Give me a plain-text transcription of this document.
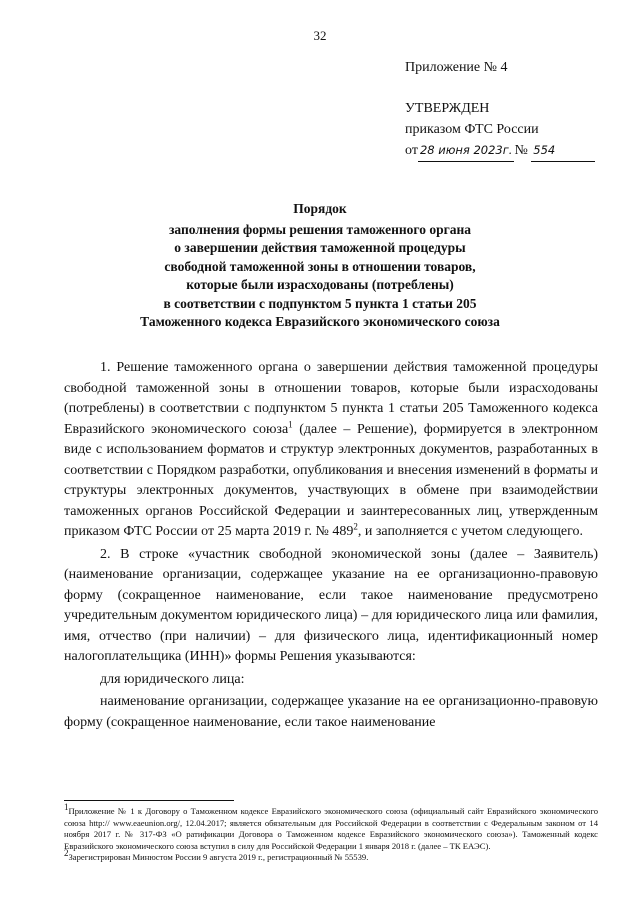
32
Приложение № 4
УТВЕРЖДЕН
приказом ФТС России
от 28 июня 2023г. № 554
Порядок
заполнения формы решения таможенного органа
о завершении действия таможенной процедуры
свободной таможенной зоны в отношении товаров,
которые были израсходованы (потреблены)
в соответствии с подпунктом 5 пункта 1 статьи 205
Таможенного кодекса Евразийского экономического союза

1. Решение таможенного органа о завершении действия таможенной процедуры свободной таможенной зоны в отношении товаров, которые были израсходованы (потреблены) в соответствии с подпунктом 5 пункта 1 статьи 205 Таможенного кодекса Евразийского экономического союза$^1$ (далее – Решение), формируется в электронном виде с использованием форматов и структур электронных документов, разработанных в соответствии с Порядком разработки, опубликования и внесения изменений в форматы и структуры электронных документов, участвующих в обмене при взаимодействии таможенных органов Российской Федерации и заинтересованных лиц, утвержденным приказом ФТС России от 25 марта 2019 г. № $489^2$, и заполняется с учетом следующего.

2. В строке «участник свободной экономической зоны (далее – Заявитель) (наименование организации, содержащее указание на ее организационно-правовую форму (сокращенное наименование, если такое наименование предусмотрено учредительным документом юридического лица) – для юридического лица или фамилия, имя, отчество (при наличии) – для физического лица, идентификационный номер налогоплательщика (ИНН)» формы Решения указываются:

для юридического лица:

наименование организации, содержащее указание на ее организационно-правовую форму (сокращенное наименование, если такое наименование

$^1$Приложение № 1 к Договору о Таможенном кодексе Евразийского экономического союза (официальный сайт Евразийского экономического союза http:// www.eaeunion.org/, 12.04.2017; является обязательным для Российской Федерации в соответствии с Федеральным законом от 14 ноября 2017 г. № 317-ФЗ «О ратификации Договора о Таможенном кодексе Евразийского экономического союза»). Таможенный кодекс Евразийского экономического союза вступил в силу для Российской Федерации 1 января 2018 г. (далее – ТК ЕАЭС).

$^2$Зарегистрирован Минюстом России 9 августа 2019 г., регистрационный № 55539.
